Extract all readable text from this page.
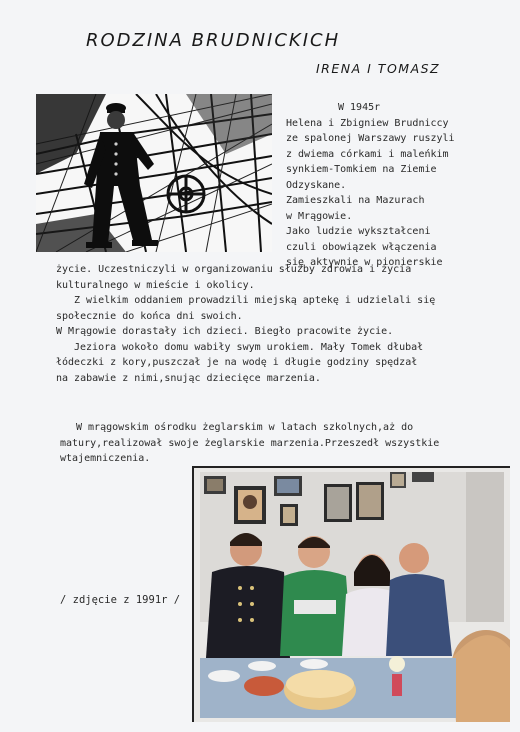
RODZINA BRUDNICKICH
IRENA I TOMASZ
W 1945r
Helena i Zbigniew Brudniccy
ze spalonej Warszawy ruszyli
z dwiema córkami i maleńkim
synkiem-Tomkiem na Ziemie
Odzyskane.
Zamieszkali na Mazurach
w Mrągowie.
Jako ludzie wykształceni
czuli obowiązek włączenia
się aktywnie w pionierskie
życie. Uczestniczyli w organizowaniu służby zdrowia i życia
kulturalnego w mieście i okolicy.
Z wielkim oddaniem prowadzili miejską aptekę i udzielali się
społecznie do końca dni swoich.
W Mrągowie dorastały ich dzieci. Biegło pracowite życie.
Jeziora wokoło domu wabiły swym urokiem. Mały Tomek dłubał
łódeczki z kory,puszczał je na wodę i długie godziny spędzał
na zabawie z nimi,snując dziecięce marzenia.
W mrągowskim ośrodku żeglarskim w latach szkolnych,aż do
matury,realizował swoje żeglarskie marzenia.Przeszedł wszystkie
wtajemniczenia.
/ zdjęcie z 1991r /
